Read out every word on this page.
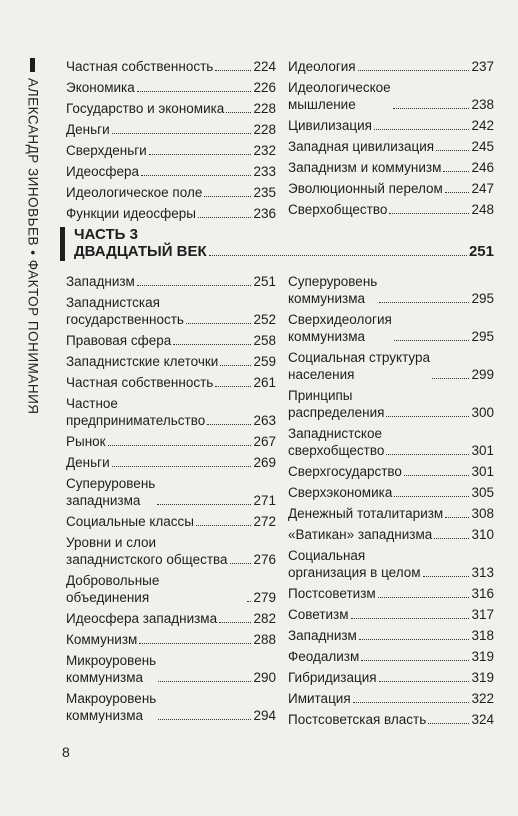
АЛЕКСАНДР ЗИНОВЬЕВ • ФАКТОР ПОНИМАНИЯ
Частная собственность	224
Экономика	226
Государство и экономика 228
Деньги	228
Сверхденьги	232
Идеосфера	233
Идеологическое поле	235
Функции идеосферы	236
Идеология	237
Идеологическое
мышление	238
Цивилизация	242
Западная цивилизация	245
Западнизм и коммунизм 246
Эволюционный перелом 247
Сверхобщество	248
ЧАСТЬ 3
ДВАДЦАТЫЙ ВЕК	251
Западнизм	251
Западнистская
государственность	252
Правовая сфера	258
Западнистские клеточки	259
Частная собственность	261
Частное
предпринимательство	263
Рынок	267
Деньги	269
Суперуровень
западнизма	271
Социальные классы	272
Уровни и слои
западнистского общества 276
Добровольные объединения	279
Идеосфера западнизма	282
Коммунизм	288
Микроуровень
коммунизма	290
Макроуровень
коммунизма	294
Суперуровень
коммунизма	295
Сверхидеология
коммунизма	295
Социальная структура
населения	299
Принципы
распределения	300
Западнистское
сверхобщество	301
Сверхгосударство	301
Сверхэкономика	305
Денежный тоталитаризм 308
«Ватикан» западнизма	310
Социальная
организация в целом	313
Постсоветизм	316
Советизм	317
Западнизм	318
Феодализм	319
Гибридизация	319
Имитация	322
Постсоветская власть	324
8
